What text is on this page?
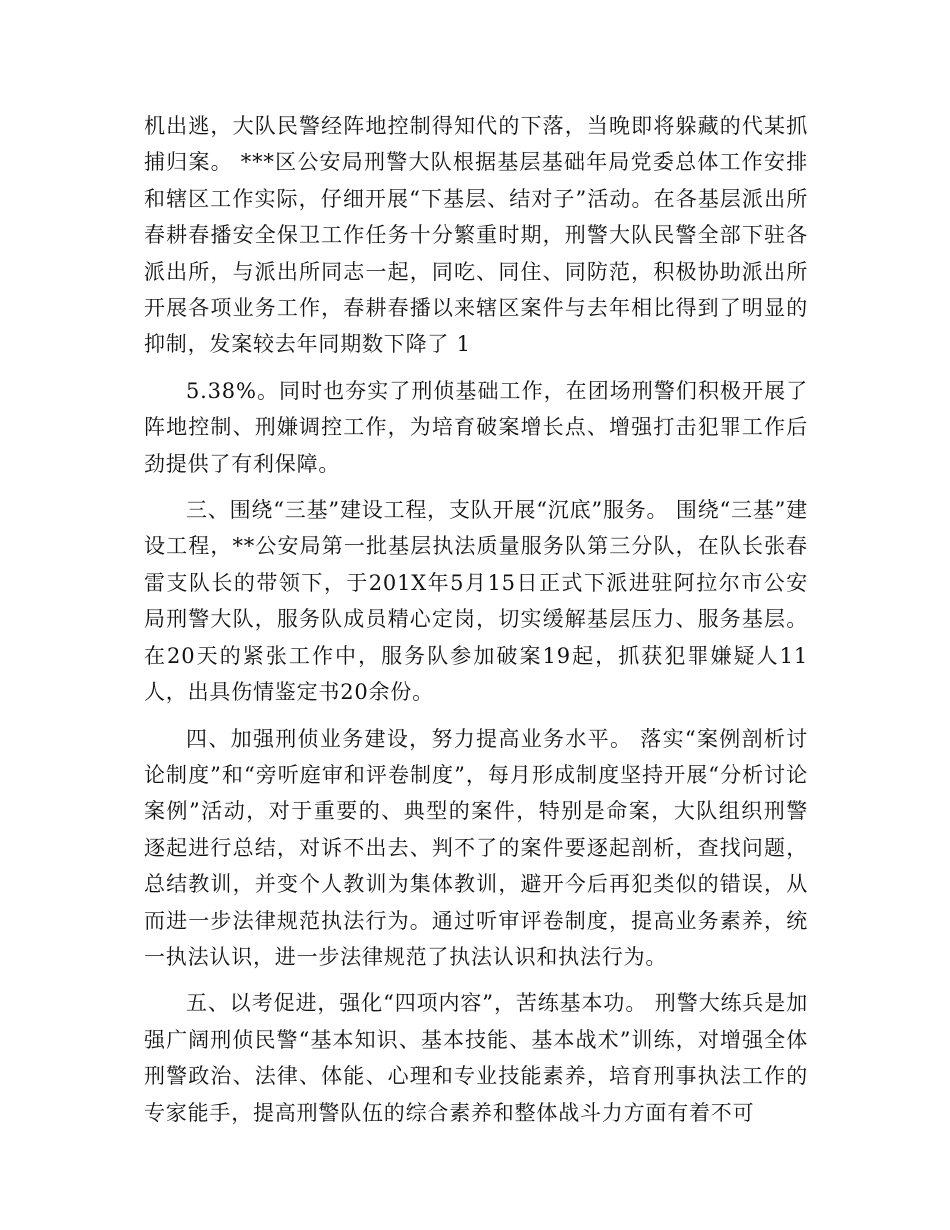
机出逃，大队民警经阵地控制得知代的下落，当晚即将躲藏的代某抓捕归案。 ***区公安局刑警大队根据基层基础年局党委总体工作安排和辖区工作实际，仔细开展“下基层、结对子”活动。在各基层派出所春耕春播安全保卫工作任务十分繁重时期，刑警大队民警全部下驻各派出所，与派出所同志一起，同吃、同住、同防范，积极协助派出所开展各项业务工作，春耕春播以来辖区案件与去年相比得到了明显的抑制，发案较去年同期数下降了 1

5.38%。同时也夯实了刑侦基础工作，在团场刑警们积极开展了阵地控制、刑嫌调控工作，为培育破案增长点、增强打击犯罪工作后劲提供了有利保障。

三、围绕“三基”建设工程，支队开展“沉底”服务。 围绕“三基”建设工程，**公安局第一批基层执法质量服务队第三分队，在队长张春雷支队长的带领下，于201X年5月15日正式下派进驻阿拉尔市公安局刑警大队，服务队成员精心定岗，切实缓解基层压力、服务基层。在20天的紧张工作中，服务队参加破案19起，抓获犯罪嫌疑人11人，出具伤情鉴定书20余份。

四、加强刑侦业务建设，努力提高业务水平。 落实“案例剖析讨论制度”和“旁听庭审和评卷制度”，每月形成制度坚持开展“分析讨论案例”活动，对于重要的、典型的案件，特别是命案，大队组织刑警逐起进行总结，对诉不出去、判不了的案件要逐起剖析，查找问题，总结教训，并变个人教训为集体教训，避开今后再犯类似的错误，从而进一步法律规范执法行为。通过听审评卷制度，提高业务素养，统一执法认识，进一步法律规范了执法认识和执法行为。

五、以考促进，强化“四项内容”，苦练基本功。 刑警大练兵是加强广阔刑侦民警“基本知识、基本技能、基本战术”训练，对增强全体刑警政治、法律、体能、心理和专业技能素养，培育刑事执法工作的专家能手，提高刑警队伍的综合素养和整体战斗力方面有着不可
